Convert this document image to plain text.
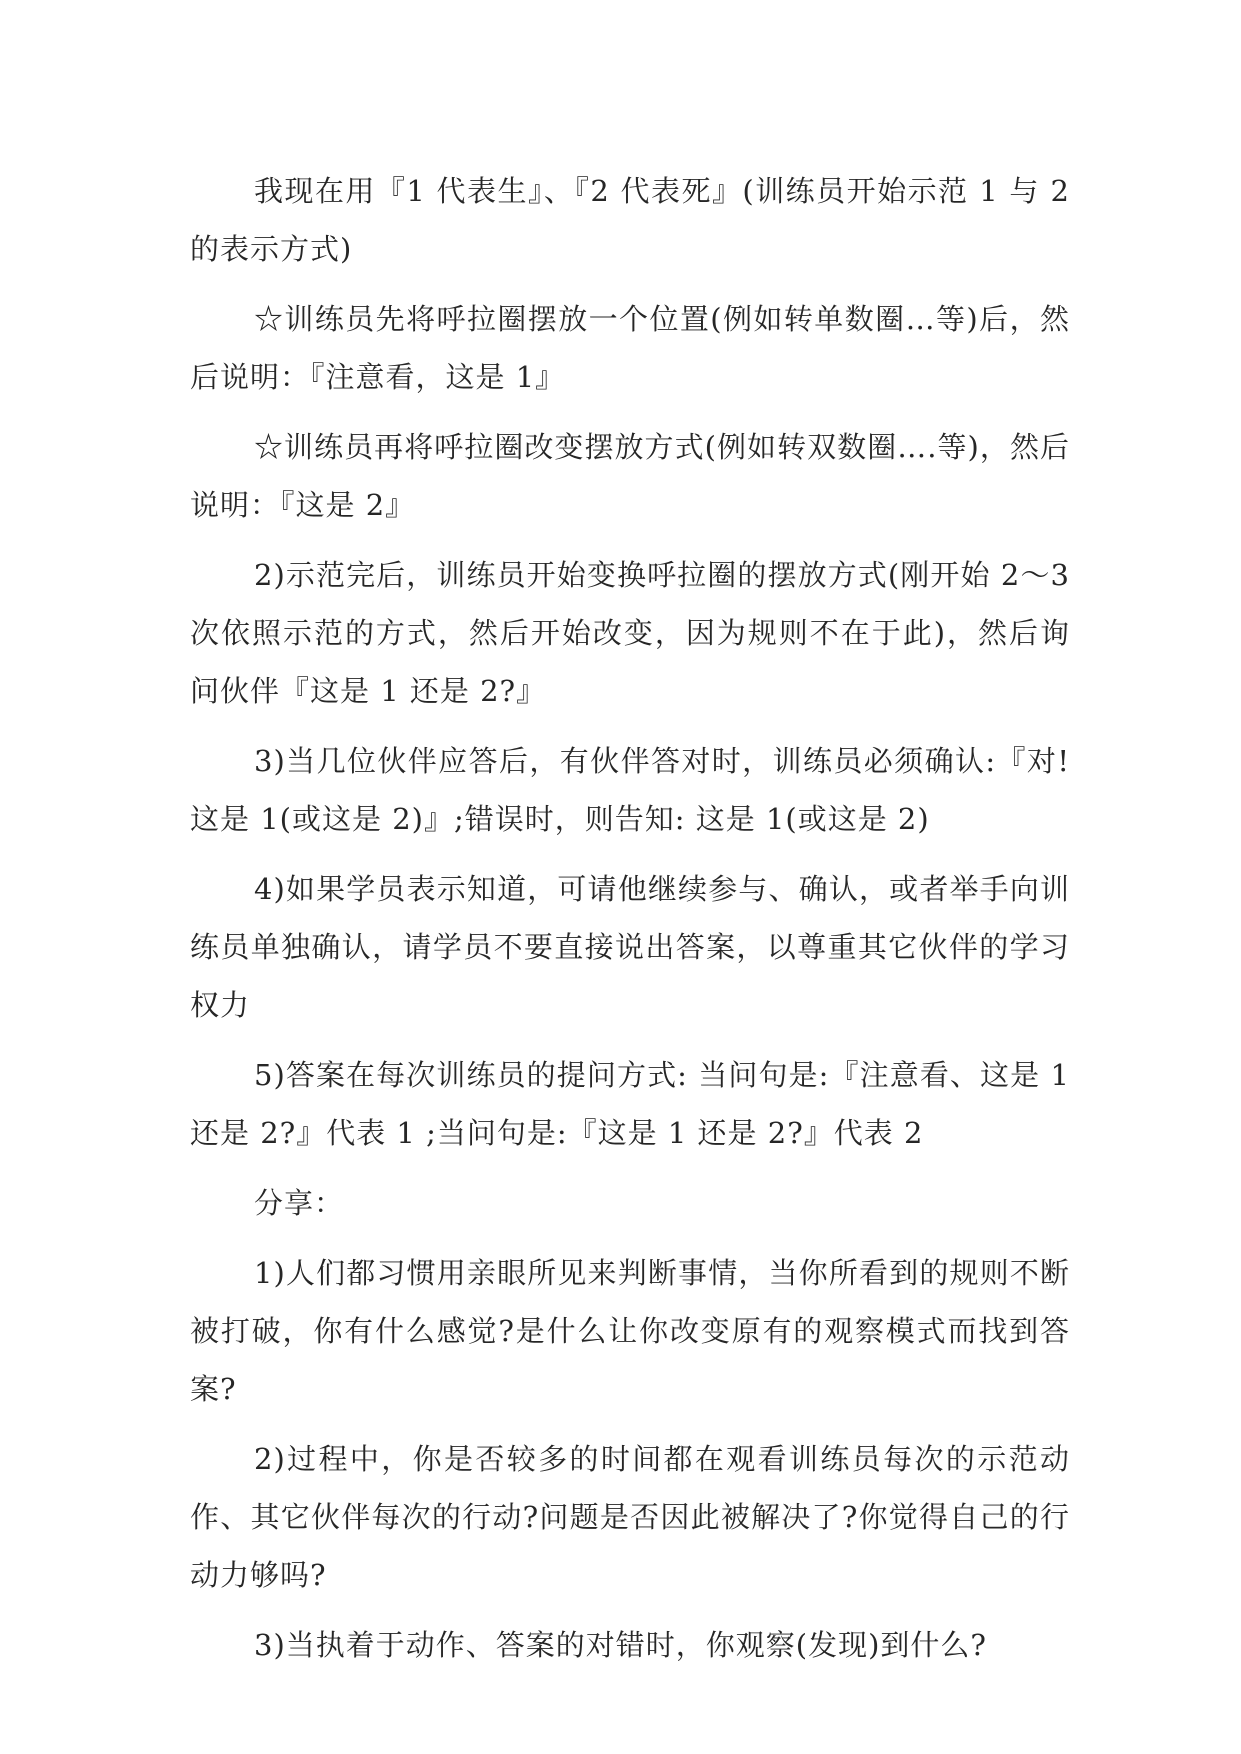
我现在用『1 代表生』、『2 代表死』(训练员开始示范 1 与 2 的表示方式)

☆训练员先将呼拉圈摆放一个位置(例如转单数圈…等)后，然后说明：『注意看，这是 1』

☆训练员再将呼拉圈改变摆放方式(例如转双数圈….等)，然后说明：『这是 2』

2)示范完后，训练员开始变换呼拉圈的摆放方式(刚开始 2～3 次依照示范的方式，然后开始改变，因为规则不在于此)，然后询问伙伴『这是 1 还是 2?』

3)当几位伙伴应答后，有伙伴答对时，训练员必须确认:『对!这是 1(或这是 2)』;错误时，则告知: 这是 1(或这是 2)

4)如果学员表示知道，可请他继续参与、确认，或者举手向训练员单独确认，请学员不要直接说出答案，以尊重其它伙伴的学习权力

5)答案在每次训练员的提问方式: 当问句是:『注意看、这是 1 还是 2?』代表 1 ;当问句是:『这是 1 还是 2?』代表 2

分享：

1)人们都习惯用亲眼所见来判断事情，当你所看到的规则不断被打破，你有什么感觉?是什么让你改变原有的观察模式而找到答案?

2)过程中，你是否较多的时间都在观看训练员每次的示范动作、其它伙伴每次的行动?问题是否因此被解决了?你觉得自己的行动力够吗?

3)当执着于动作、答案的对错时，你观察(发现)到什么?
